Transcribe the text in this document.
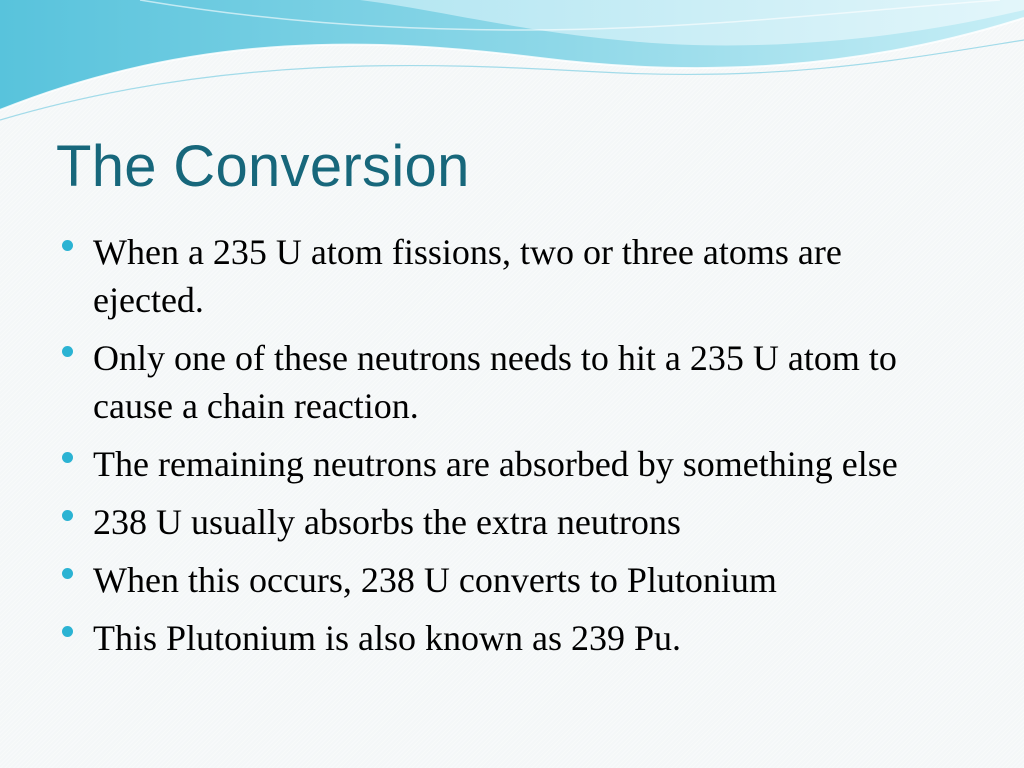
The Conversion
When a 235 U atom fissions, two or three atoms are ejected.
Only one of these neutrons needs to hit a 235 U atom to cause a chain reaction.
The remaining neutrons are absorbed by something else
238 U usually absorbs the extra neutrons
When this occurs, 238 U converts to Plutonium
This Plutonium is also known as 239 Pu.
